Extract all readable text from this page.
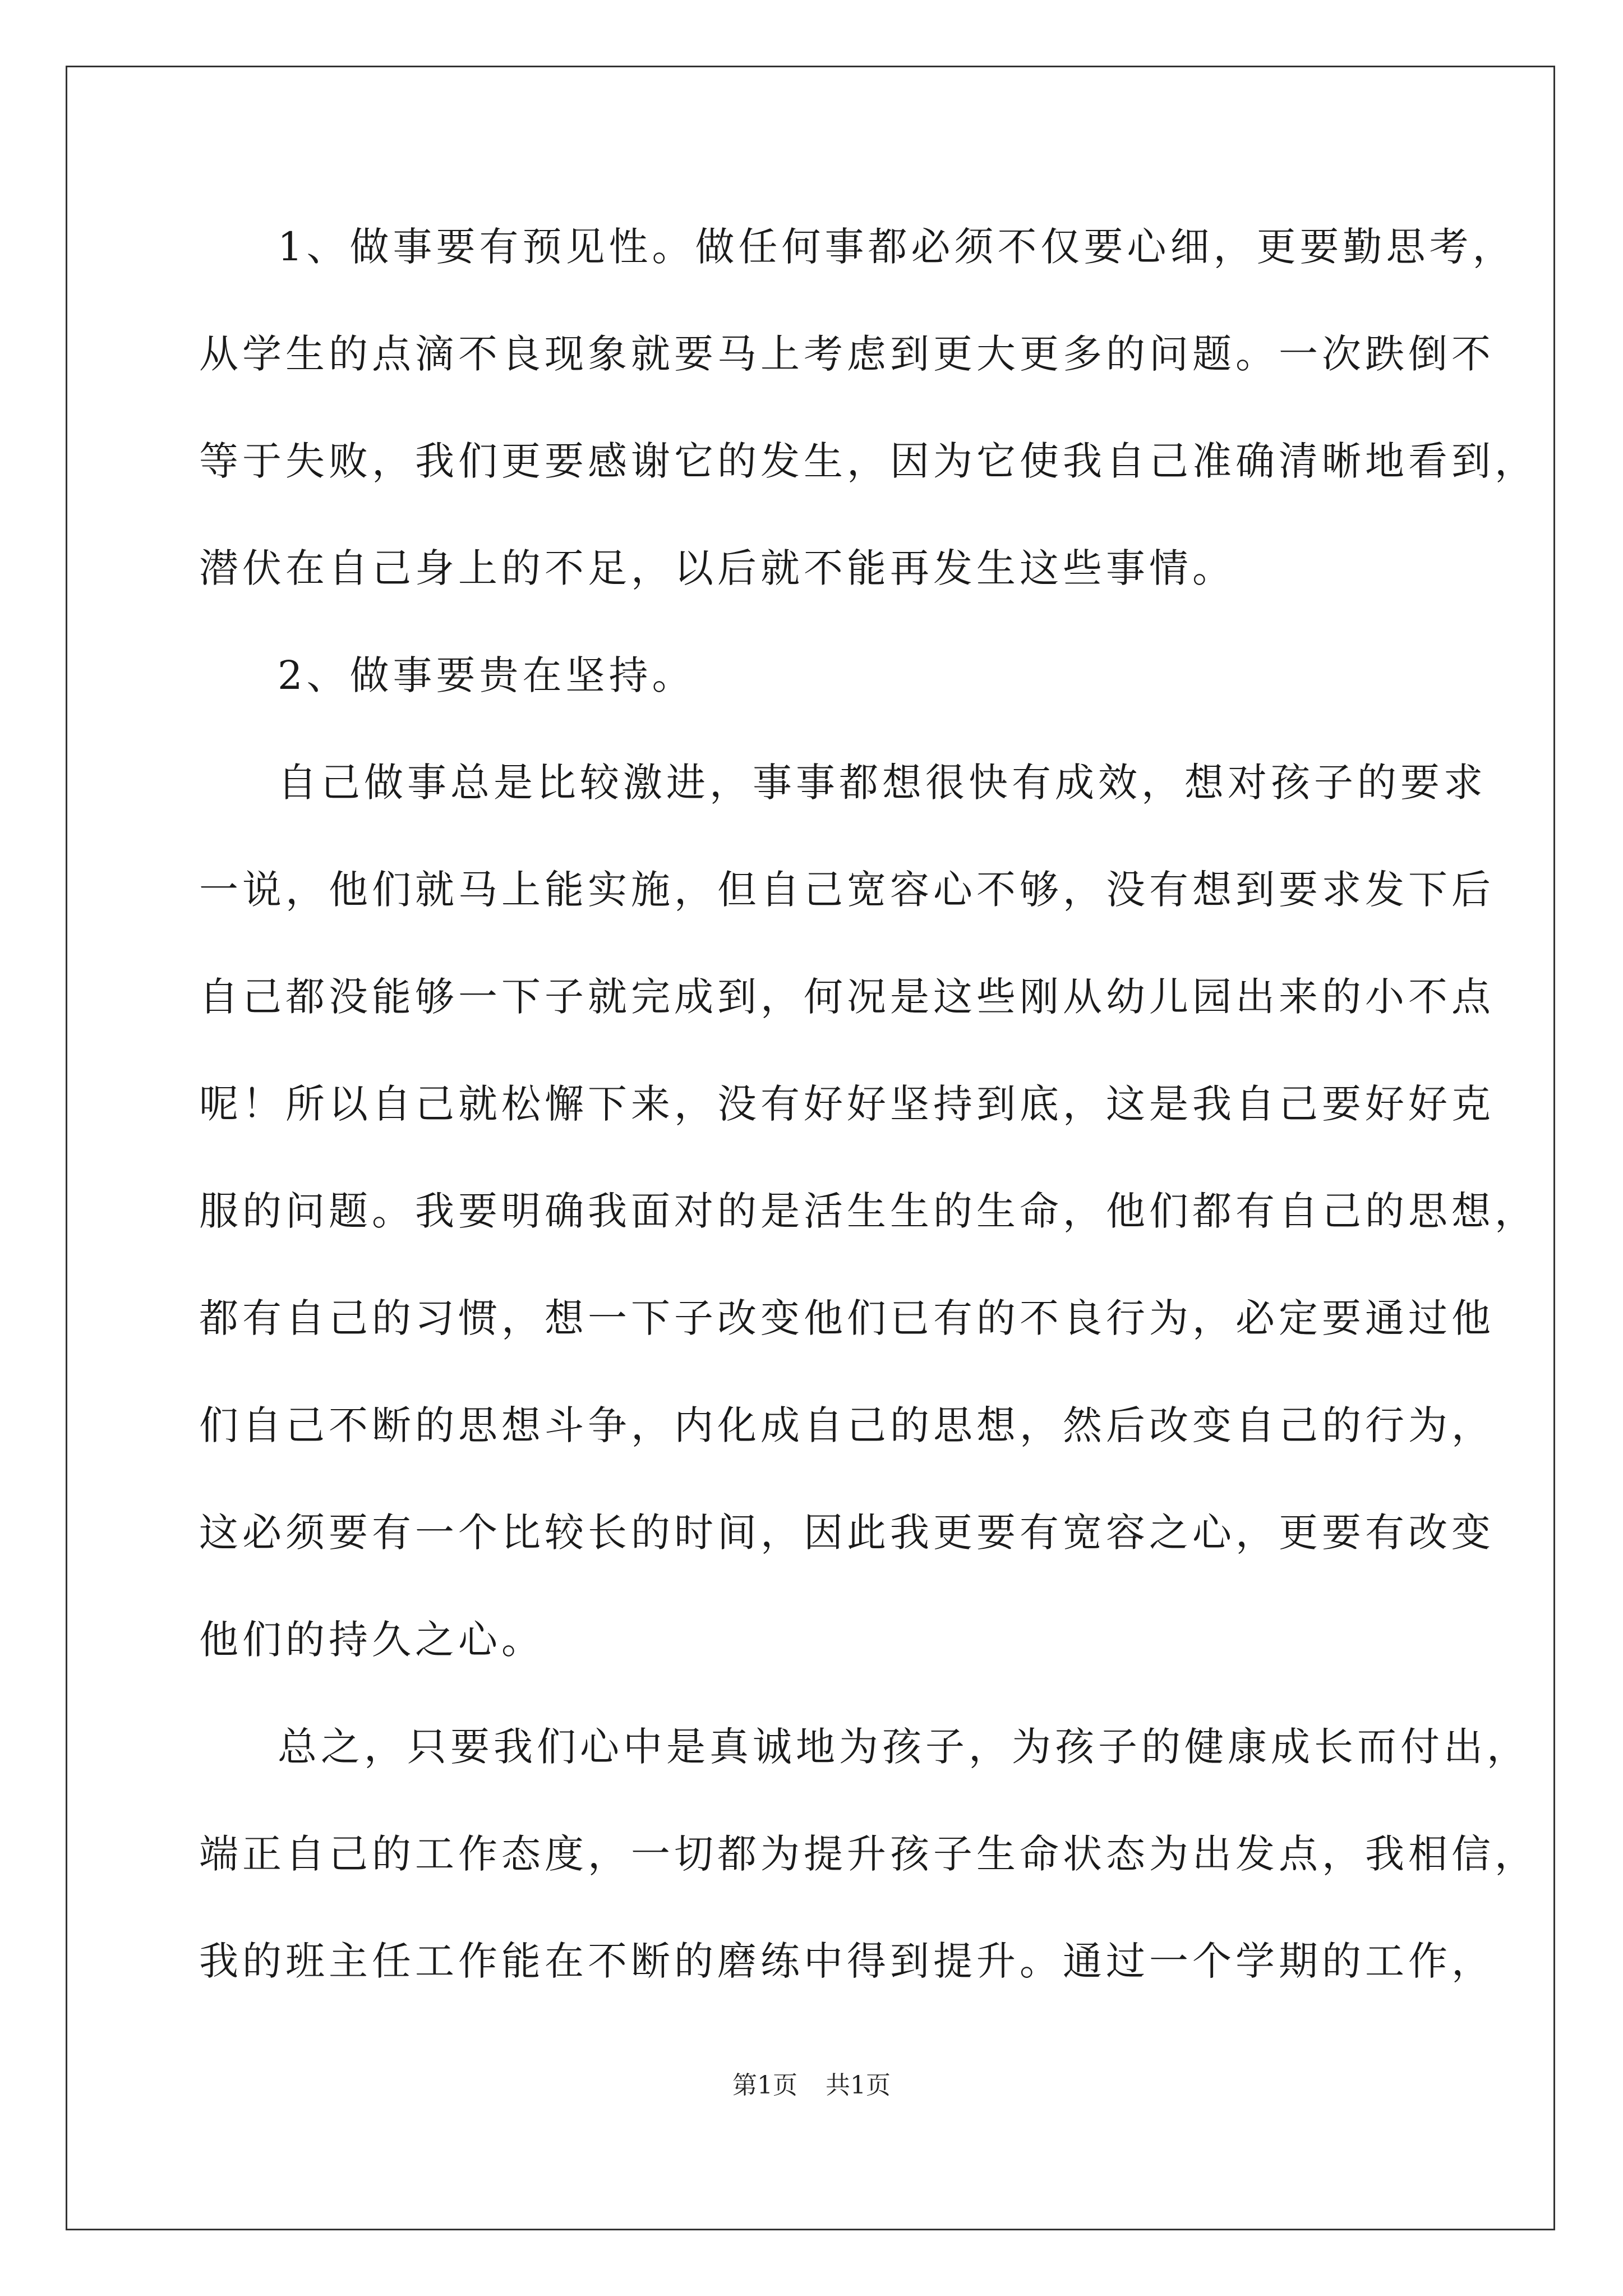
1、做事要有预见性。做任何事都必须不仅要心细，更要勤思考，
从学生的点滴不良现象就要马上考虑到更大更多的问题。一次跌倒不
等于失败，我们更要感谢它的发生，因为它使我自己准确清晰地看到，
潜伏在自己身上的不足，以后就不能再发生这些事情。
2、做事要贵在坚持。
自己做事总是比较激进，事事都想很快有成效，想对孩子的要求
一说，他们就马上能实施，但自己宽容心不够，没有想到要求发下后
自己都没能够一下子就完成到，何况是这些刚从幼儿园出来的小不点
呢！所以自己就松懈下来，没有好好坚持到底，这是我自己要好好克
服的问题。我要明确我面对的是活生生的生命，他们都有自己的思想，
都有自己的习惯，想一下子改变他们已有的不良行为，必定要通过他
们自己不断的思想斗争，内化成自己的思想，然后改变自己的行为，
这必须要有一个比较长的时间，因此我更要有宽容之心，更要有改变
他们的持久之心。
总之，只要我们心中是真诚地为孩子，为孩子的健康成长而付出，
端正自己的工作态度，一切都为提升孩子生命状态为出发点，我相信，
我的班主任工作能在不断的磨练中得到提升。通过一个学期的工作，
第1页 共1页
